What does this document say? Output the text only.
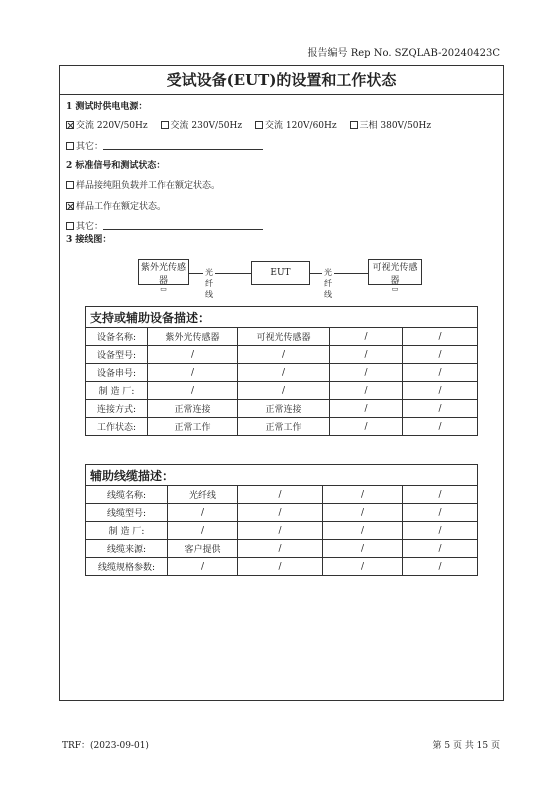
报告编号 Rep No. SZQLAB-20240423C
受试设备(EUT)的设置和工作状态
1 测试时供电电源：
交流 220V/50Hz	交流 230V/50Hz	交流 120V/60Hz	三相 380V/50Hz
其它：
2 标准信号和测试状态：
样品接纯阻负载并工作在额定状态。
样品工作在额定状态。
其它：
3 接线图：
光纤线
光纤线
紫外光传感器
▭
EUT	可视光传感器
▭
支持或辅助设备描述：				
设备名称:	紫外光传感器	可视光传感器	/	/
设备型号:	/	/	/	/
设备串号:	/	/	/	/
制 造 厂:	/	/	/	/
连接方式:	正常连接	正常连接	/	/
工作状态:	正常工作	正常工作	/	/
辅助线缆描述：				
线缆名称:	光纤线	/	/	/
线缆型号:	/	/	/	/
制 造 厂:	/	/	/	/
线缆来源:	客户提供	/	/	/
线缆规格参数:	/	/	/	/
TRF：(2023-09-01)	第 5 页 共 15 页
